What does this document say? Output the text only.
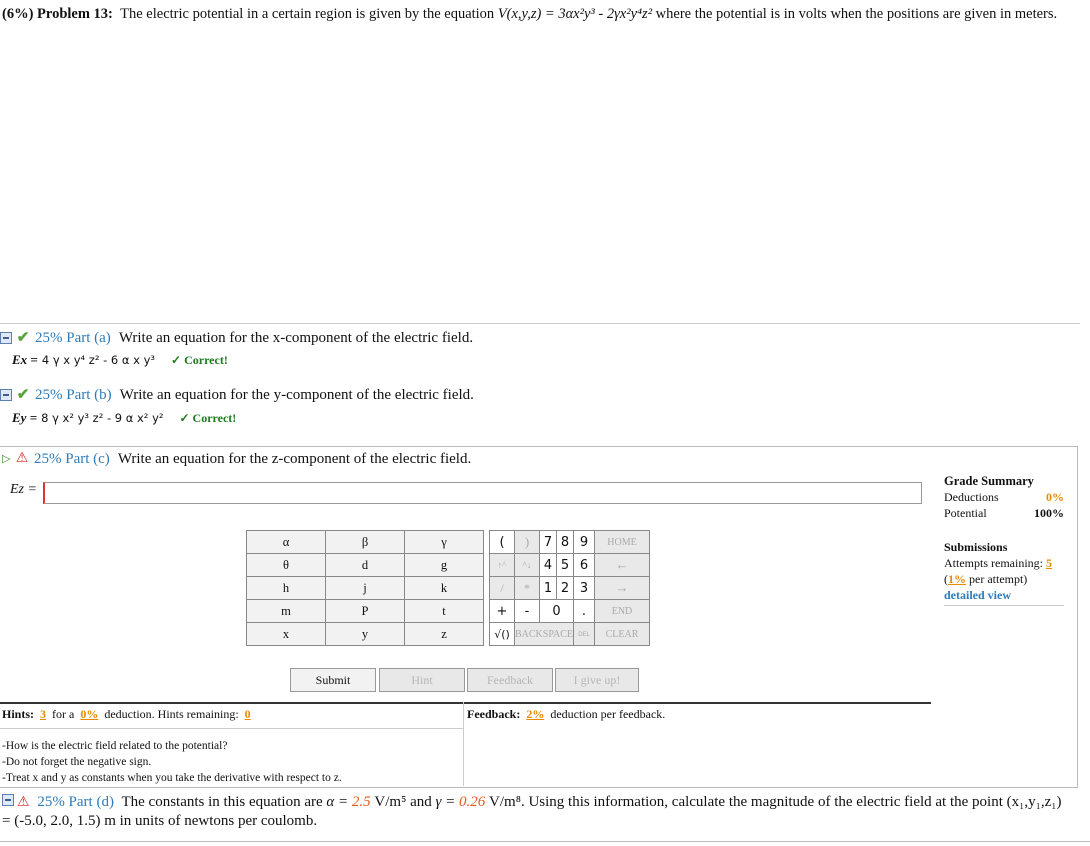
(6%) Problem 13: The electric potential in a certain region is given by the equation V(x,y,z) = 3αx²y³ - 2γx²y⁴z² where the potential is in volts when the positions are given in meters.
✔ 25% Part (a) Write an equation for the x-component of the electric field.
Ex = 4 γ x y⁴ z² - 6 α x y³ ✓ Correct!
✔ 25% Part (b) Write an equation for the y-component of the electric field.
Ey = 8 γ x² y³ z² - 9 α x² y² ✓ Correct!
▷ ⚠ 25% Part (c) Write an equation for the z-component of the electric field.
Ez =
Grade Summary
Deductions	0%
Potential	100%
Submissions
Attempts remaining: 5
(1% per attempt)
detailed view
α	β	γ
θ	d	g
h	j	k
m	P	t
x	y	z
(	)	7	8	9	HOME
↑^	^↓	4	5	6	←
/	*	1	2	3	→
+	-	0		.	END
√()	BACKSPACE			DEL	CLEAR
Submit	Hint	Feedback	I give up!
Hints: 3 for a 0% deduction. Hints remaining: 0
-How is the electric field related to the potential?
-Do not forget the negative sign.
-Treat x and y as constants when you take the derivative with respect to z.
Feedback: 2% deduction per feedback.
⚠ 25% Part (d) The constants in this equation are α = 2.5 V/m⁵ and γ = 0.26 V/m⁸. Using this information, calculate the magnitude of the electric field at the point (x₁,y₁,z₁) = (-5.0, 2.0, 1.5) m in units of newtons per coulomb.
